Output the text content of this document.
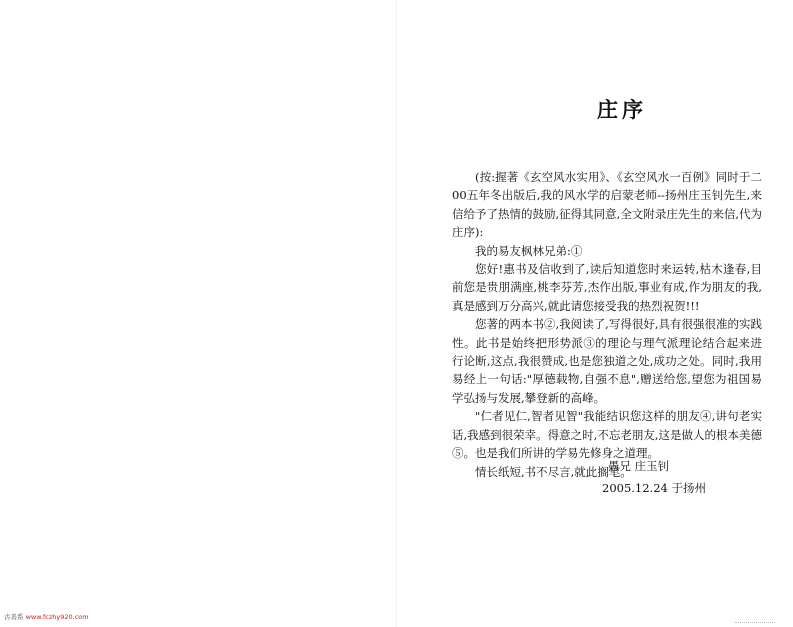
庄序

(按:握著《玄空风水实用》、《玄空风水一百例》同时于二00五年冬出版后,我的风水学的启蒙老师--扬州庄玉钊先生,来信给予了热情的鼓励,征得其同意,全文附录庄先生的来信,代为庄序):

我的易友枫林兄弟:①

您好!惠书及信收到了,读后知道您时来运转,枯木逢春,目前您是贵朋满座,桃李芬芳,杰作出版,事业有成,作为朋友的我,真是感到万分高兴,就此请您接受我的热烈祝贺!!!

您著的两本书②,我阅读了,写得很好,具有很强很准的实践性。此书是始终把形势派③的理论与理气派理论结合起来进行论断,这点,我很赞成,也是您独道之处,成功之处。同时,我用易经上一句话:"厚德载物,自强不息",赠送给您,望您为祖国易学弘扬与发展,攀登新的高峰。

"仁者见仁,智者见智"我能结识您这样的朋友④,讲句老实话,我感到很荣幸。得意之时,不忘老朋友,这是做人的根本美德⑤。也是我们所讲的学易先修身之道理。

情长纸短,书不尽言,就此搁笔。

愚兄 庄玉钊
2005.12.24 于扬州
古善系 www.fczhy920.com
